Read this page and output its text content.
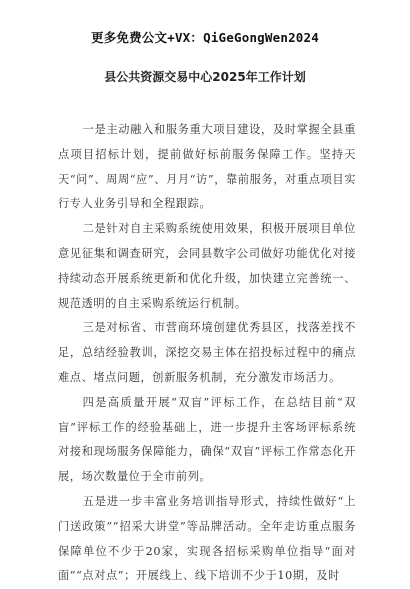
更多免费公文+VX：QiGeGongWen2024
县公共资源交易中心2025年工作计划

一是主动融入和服务重大项目建设，及时掌握全县重点项目招标计划，提前做好标前服务保障工作。坚持天天“问”、周周“应”、月月“访”，靠前服务，对重点项目实行专人业务引导和全程跟踪。

二是针对自主采购系统使用效果，积极开展项目单位意见征集和调查研究，会同县数字公司做好功能优化对接持续动态开展系统更新和优化升级，加快建立完善统一、规范透明的自主采购系统运行机制。

三是对标省、市营商环境创建优秀县区，找落差找不足，总结经验教训，深挖交易主体在招投标过程中的痛点难点、堵点问题，创新服务机制，充分激发市场活力。

四是高质量开展“双盲”评标工作，在总结目前“双盲”评标工作的经验基础上，进一步提升主客场评标系统对接和现场服务保障能力，确保“双盲”评标工作常态化开展，场次数量位于全市前列。

五是进一步丰富业务培训指导形式，持续性做好“上门送政策”“招采大讲堂”等品牌活动。全年走访重点服务保障单位不少于20家，实现各招标采购单位指导“面对面”“点对点”；开展线上、线下培训不少于10期，及时
